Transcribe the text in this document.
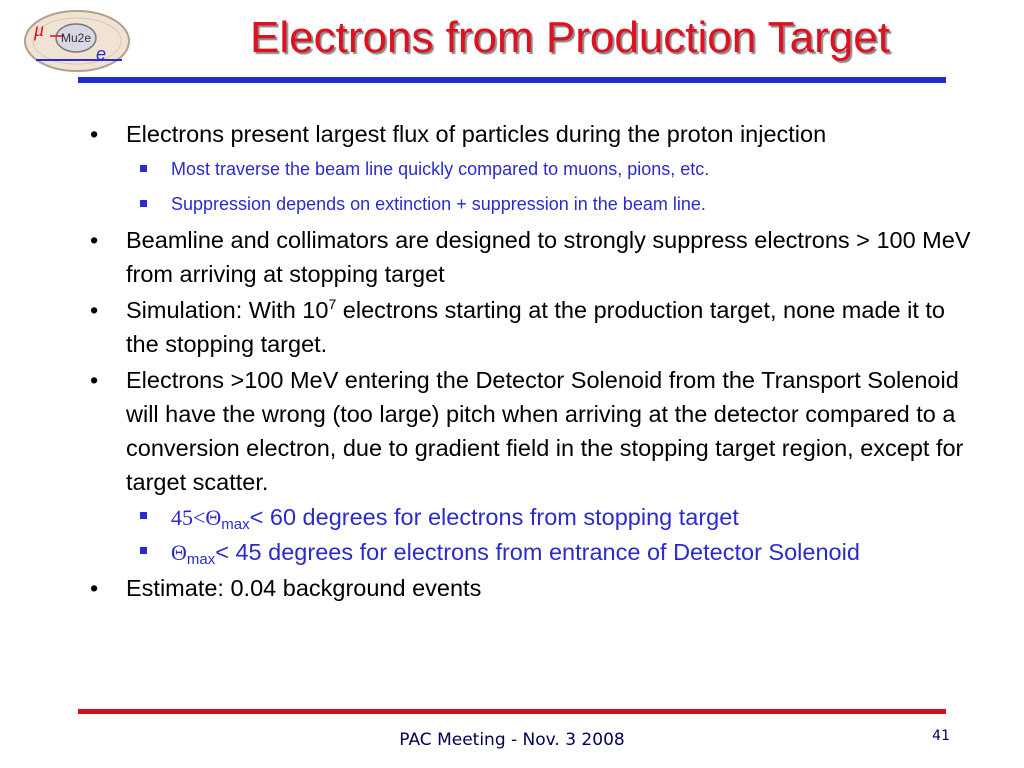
μ Mu2e
e	Electrons from Production Target
• Electrons present largest flux of particles during the proton injection
Most traverse the beam line quickly compared to muons, pions, etc.
Suppression depends on extinction + suppression in the beam line.
• Beamline and collimators are designed to strongly suppress electrons > 100 MeV from arriving at stopping target
• Simulation: With $10^7$ electrons starting at the production target, none made it to the stopping target.
• Electrons >100 MeV entering the Detector Solenoid from the Transport Solenoid will have the wrong (too large) pitch when arriving at the detector compared to a conversion electron, due to gradient field in the stopping target region, except for target scatter.
$45<\Theta_{max}< 60$ degrees for electrons from stopping target
$\Theta_{max}< 45$ degrees for electrons from entrance of Detector Solenoid
• Estimate: 0.04 background events
PAC Meeting - Nov. 3 2008	41
